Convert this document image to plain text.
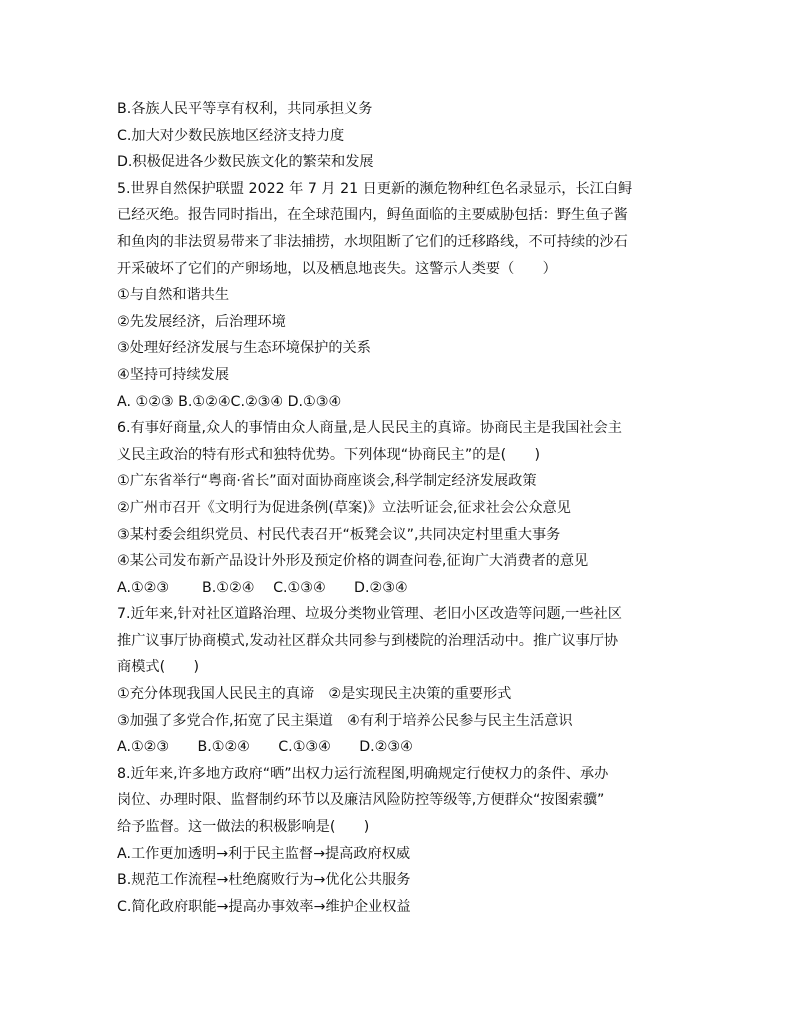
B.各族人民平等享有权利，共同承担义务
C.加大对少数民族地区经济支持力度
D.积极促进各少数民族文化的繁荣和发展
5.世界自然保护联盟 2022 年 7 月 21 日更新的濒危物种红色名录显示，长江白鲟
已经灭绝。报告同时指出，在全球范围内，鲟鱼面临的主要威胁包括：野生鱼子酱
和鱼肉的非法贸易带来了非法捕捞，水坝阻断了它们的迁移路线，不可持续的沙石
开采破坏了它们的产卵场地，以及栖息地丧失。这警示人类要（　　）
①与自然和谐共生
②先发展经济，后治理环境
③处理好经济发展与生态环境保护的关系
④坚持可持续发展
A. ①②③ B.①②④C.②③④ D.①③④
6.有事好商量,众人的事情由众人商量,是人民民主的真谛。协商民主是我国社会主
义民主政治的特有形式和独特优势。下列体现“协商民主”的是(　　)
①广东省举行“粤商·省长”面对面协商座谈会,科学制定经济发展政策
②广州市召开《文明行为促进条例(草案)》立法听证会,征求社会公众意见
③某村委会组织党员、村民代表召开“板凳会议”,共同决定村里重大事务
④某公司发布新产品设计外形及预定价格的调查问卷,征询广大消费者的意见
A.①②③　　 B.①②④　 C.①③④　　D.②③④
7.近年来,针对社区道路治理、垃圾分类物业管理、老旧小区改造等问题,一些社区
推广议事厅协商模式,发动社区群众共同参与到楼院的治理活动中。推广议事厅协
商模式(　　)
①充分体现我国人民民主的真谛　②是实现民主决策的重要形式
③加强了多党合作,拓宽了民主渠道　④有利于培养公民参与民主生活意识
A.①②③　　B.①②④　　C.①③④　　D.②③④
8.近年来,许多地方政府“晒”出权力运行流程图,明确规定行使权力的条件、承办
岗位、办理时限、监督制约环节以及廉洁风险防控等级等,方便群众“按图索骥”
给予监督。这一做法的积极影响是(　　)
A.工作更加透明→利于民主监督→提高政府权威
B.规范工作流程→杜绝腐败行为→优化公共服务
C.简化政府职能→提高办事效率→维护企业权益
